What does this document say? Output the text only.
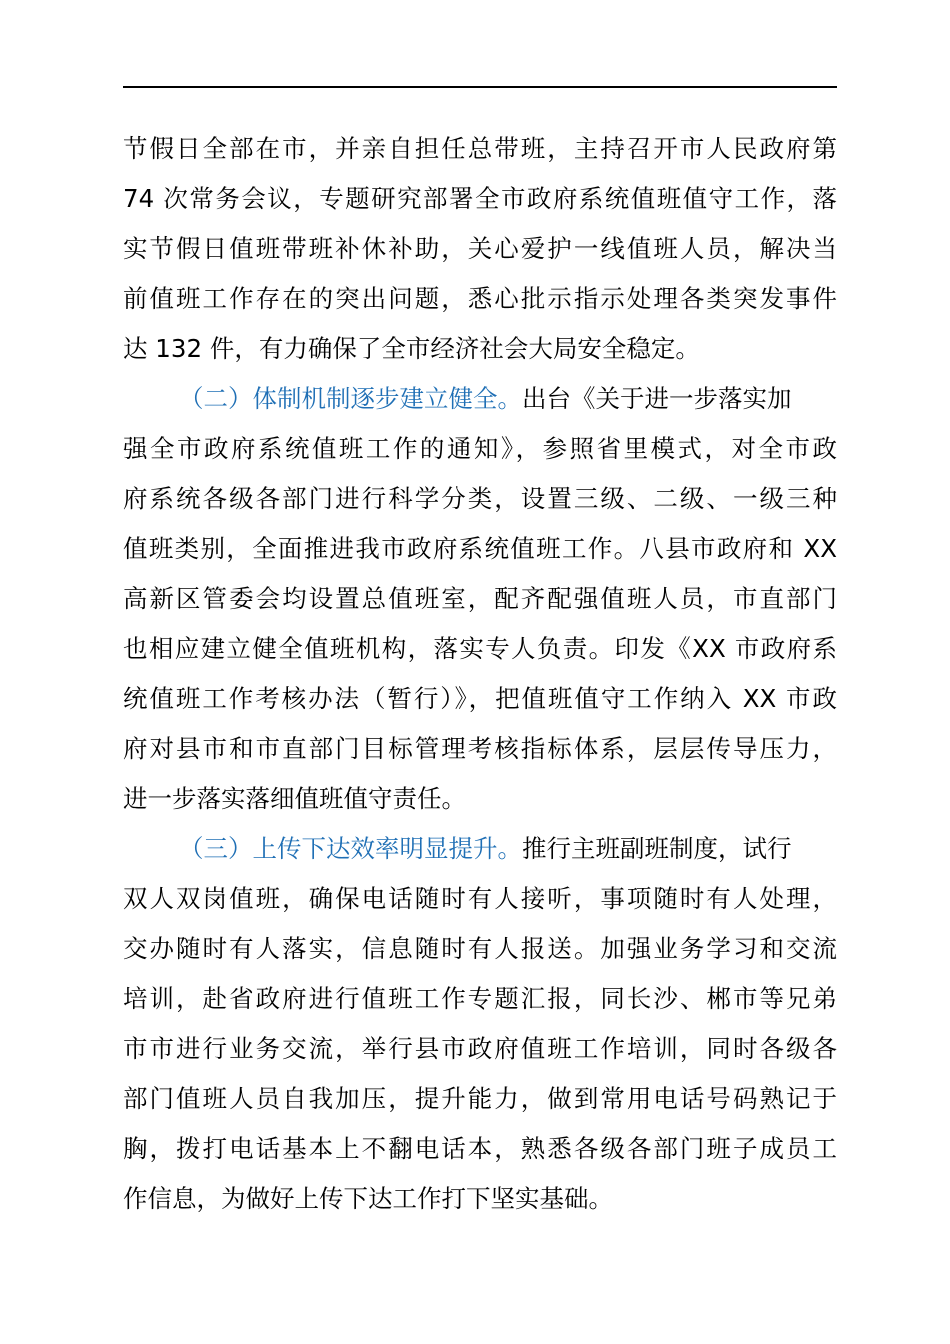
节假日全部在市，并亲自担任总带班，主持召开市人民政府第
74 次常务会议，专题研究部署全市政府系统值班值守工作，落
实节假日值班带班补休补助，关心爱护一线值班人员，解决当
前值班工作存在的突出问题，悉心批示指示处理各类突发事件
达 132 件，有力确保了全市经济社会大局安全稳定。
（二）体制机制逐步建立健全。出台《关于进一步落实加
强全市政府系统值班工作的通知》，参照省里模式，对全市政
府系统各级各部门进行科学分类，设置三级、二级、一级三种
值班类别，全面推进我市政府系统值班工作。八县市政府和 XX
高新区管委会均设置总值班室，配齐配强值班人员，市直部门
也相应建立健全值班机构，落实专人负责。印发《XX 市政府系
统值班工作考核办法（暂行）》，把值班值守工作纳入 XX 市政
府对县市和市直部门目标管理考核指标体系，层层传导压力，
进一步落实落细值班值守责任。
（三）上传下达效率明显提升。推行主班副班制度，试行
双人双岗值班，确保电话随时有人接听，事项随时有人处理，
交办随时有人落实，信息随时有人报送。加强业务学习和交流
培训，赴省政府进行值班工作专题汇报，同长沙、郴市等兄弟
市市进行业务交流，举行县市政府值班工作培训，同时各级各
部门值班人员自我加压，提升能力，做到常用电话号码熟记于
胸，拨打电话基本上不翻电话本，熟悉各级各部门班子成员工
作信息，为做好上传下达工作打下坚实基础。
